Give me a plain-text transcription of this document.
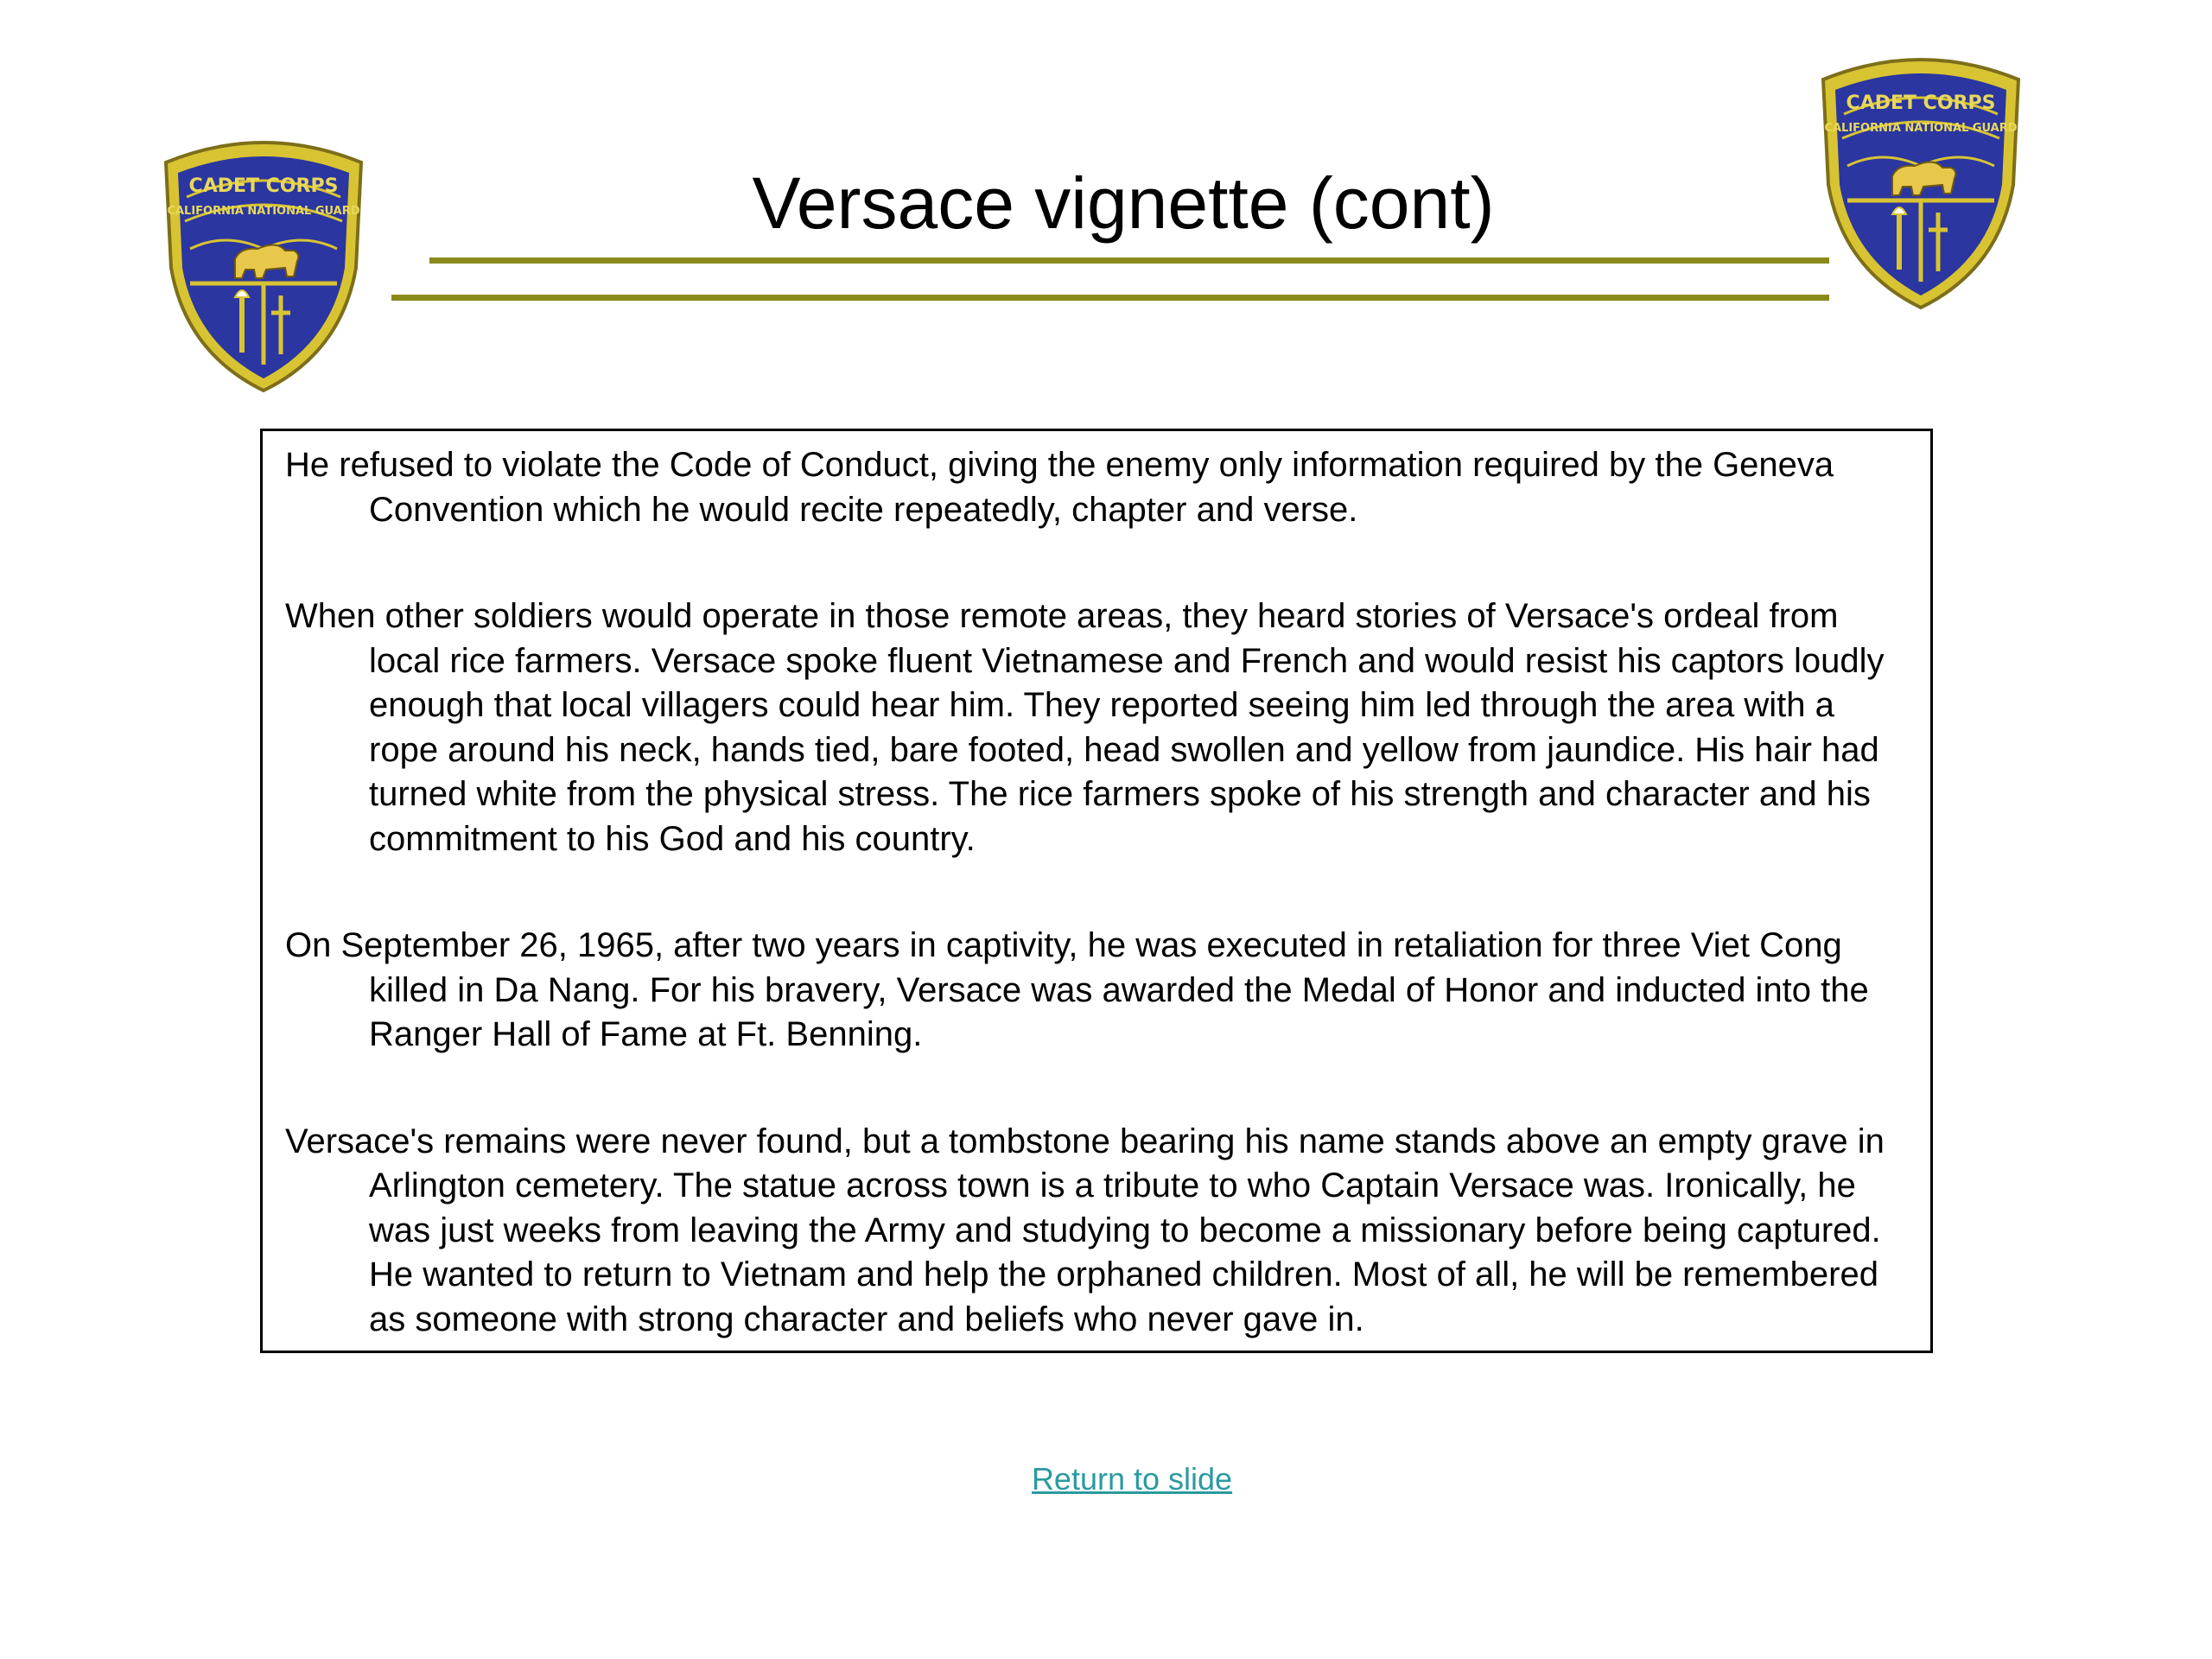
CADET CORPS
CALIFORNIA NATIONAL GUARD
CADET CORPS
CALIFORNIA NATIONAL GUARD
Versace vignette (cont)

He refused to violate the Code of Conduct, giving the enemy only information required by the Geneva Convention which he would recite repeatedly, chapter and verse.

When other soldiers would operate in those remote areas, they heard stories of Versace's ordeal from local rice farmers. Versace spoke fluent Vietnamese and French and would resist his captors loudly enough that local villagers could hear him. They reported seeing him led through the area with a rope around his neck, hands tied, bare footed, head swollen and yellow from jaundice. His hair had turned white from the physical stress. The rice farmers spoke of his strength and character and his commitment to his God and his country.

On September 26, 1965, after two years in captivity, he was executed in retaliation for three Viet Cong killed in Da Nang. For his bravery, Versace was awarded the Medal of Honor and inducted into the Ranger Hall of Fame at Ft. Benning.

Versace's remains were never found, but a tombstone bearing his name stands above an empty grave in Arlington cemetery. The statue across town is a tribute to who Captain Versace was. Ironically, he was just weeks from leaving the Army and studying to become a missionary before being captured. He wanted to return to Vietnam and help the orphaned children. Most of all, he will be remembered as someone with strong character and beliefs who never gave in.

Return to slide
